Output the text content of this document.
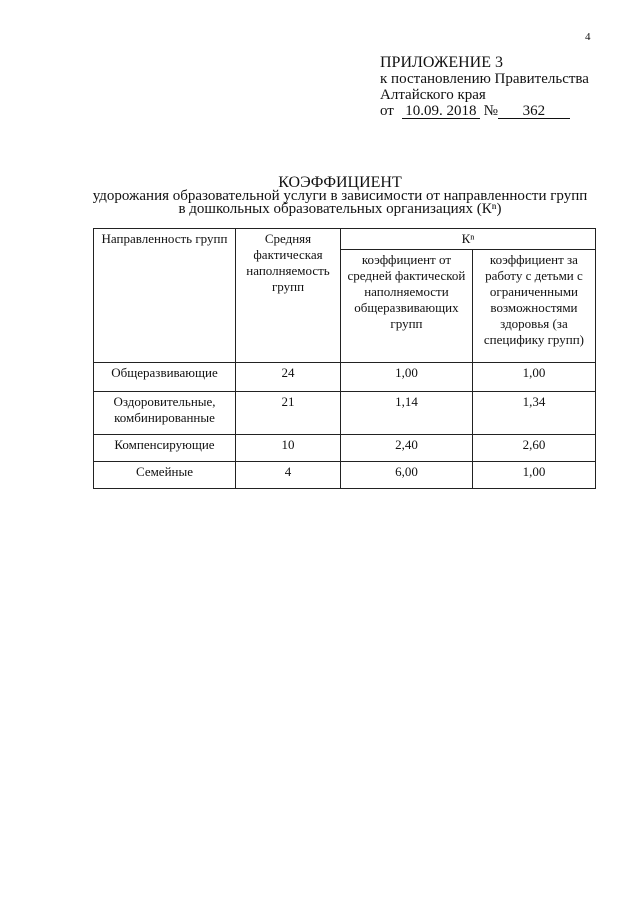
4
ПРИЛОЖЕНИЕ 3
к постановлению Правительства
Алтайского края
от 10.09. 2018 № 362
КОЭФФИЦИЕНТ
удорожания образовательной услуги в зависимости от направленности групп
в дошкольных образовательных организациях (Кⁿ)
Направленность групп	Средняя фактическая наполняемость групп	Кⁿ	
		коэффициент от средней фактической наполняемости общеразвивающих групп	коэффициент за работу с детьми с ограниченными возможностями здоровья (за специфику групп)
Общеразвивающие	24	1,00	1,00
Оздоровительные, комбинированные	21	1,14	1,34
Компенсирующие	10	2,40	2,60
Семейные	4	6,00	1,00
